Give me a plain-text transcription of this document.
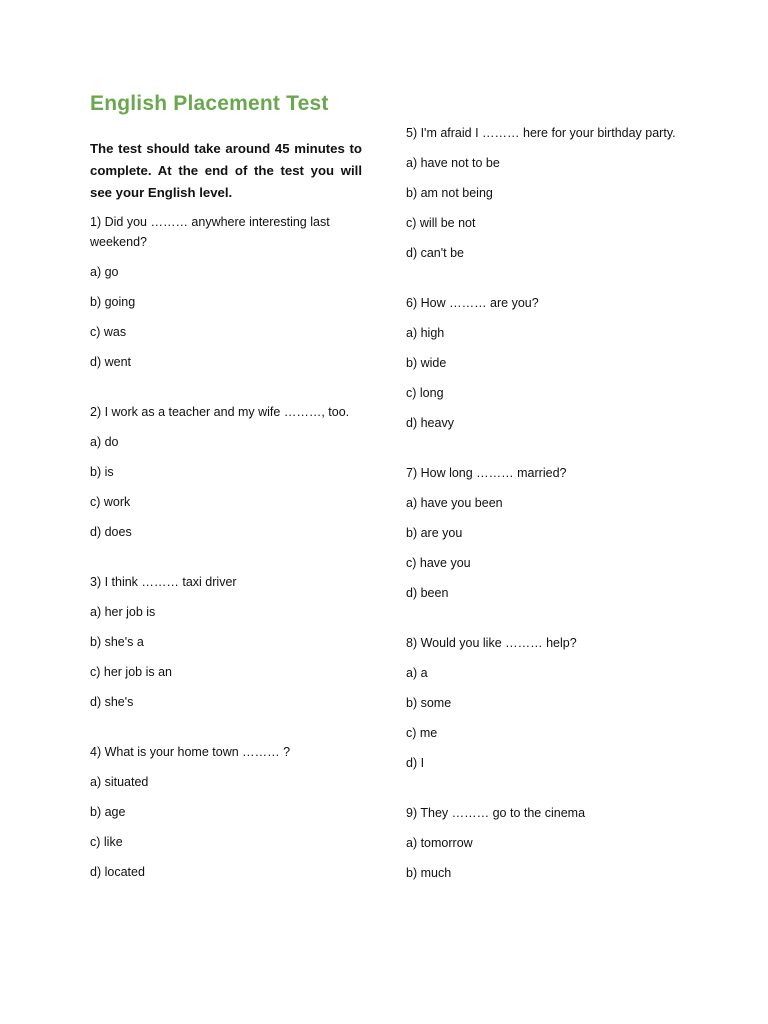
English Placement Test

The test should take around 45 minutes to complete. At the end of the test you will see your English level.

1) Did you ……… anywhere interesting last weekend?

a) go

b) going

c) was

d) went

2) I work as a teacher and my wife ………, too.

a) do

b) is

c) work

d) does

3) I think ……… taxi driver

a) her job is

b) she's a

c) her job is an

d) she's

4) What is your home town ……… ?

a) situated

b) age

c) like

d) located

5) I'm afraid I ……… here for your birthday party.

a) have not to be

b) am not being

c) will be not

d) can't be

6) How ……… are you?

a) high

b) wide

c) long

d) heavy

7) How long ……… married?

a) have you been

b) are you

c) have you

d) been

8) Would you like ……… help?

a) a

b) some

c) me

d) I

9) They ……… go to the cinema

a) tomorrow

b) much
